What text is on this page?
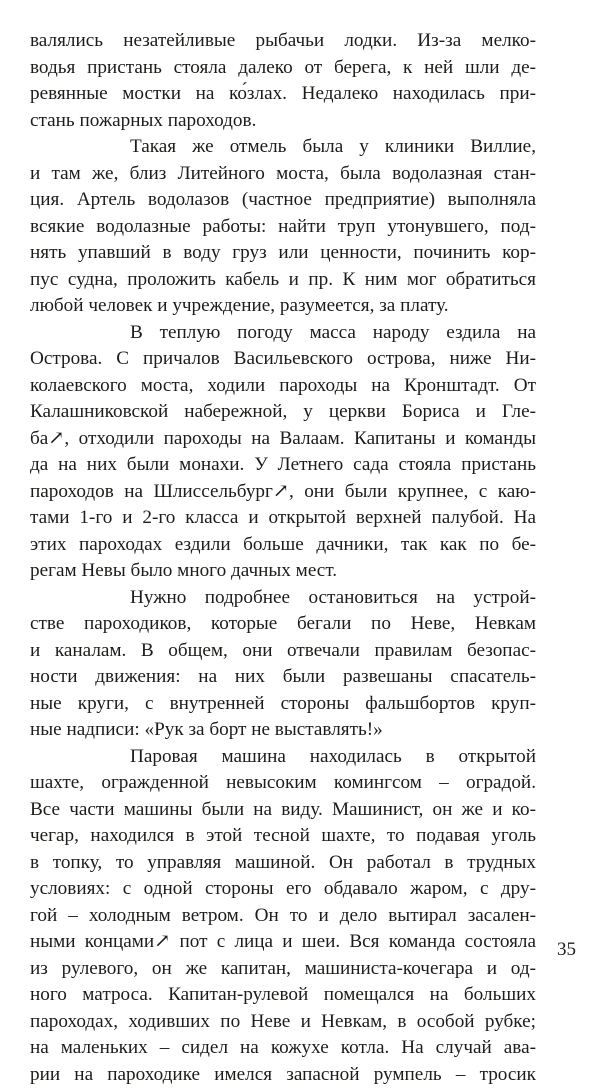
валялись незатейливые рыбачьи лодки. Из-за мелко-
водья пристань стояла далеко от берега, к ней шли де-
ревянные мостки на ко́злах. Недалеко находилась при-
стань пожарных пароходов.
Такая же отмель была у клиники Виллие,
и там же, близ Литейного моста, была водолазная стан-
ция. Артель водолазов (частное предприятие) выполняла
всякие водолазные работы: найти труп утонувшего, под-
нять упавший в воду груз или ценности, починить кор-
пус судна, проложить кабель и пр. К ним мог обратиться
любой человек и учреждение, разумеется, за плату.
В теплую погоду масса народу ездила на
Острова. С причалов Васильевского острова, ниже Ни-
колаевского моста, ходили пароходы на Кронштадт. От
Калашниковской набережной, у церкви Бориса и Гле-
ба↗, отходили пароходы на Валаам. Капитаны и команды
да на них были монахи. У Летнего сада стояла пристань
пароходов на Шлиссельбург↗, они были крупнее, с каю-
тами 1-го и 2-го класса и открытой верхней палубой. На
этих пароходах ездили больше дачники, так как по бе-
регам Невы было много дачных мест.
Нужно подробнее остановиться на устрой-
стве пароходиков, которые бегали по Неве, Невкам
и каналам. В общем, они отвечали правилам безопас-
ности движения: на них были развешаны спасатель-
ные круги, с внутренней стороны фальшбортов круп-
ные надписи: «Рук за борт не выставлять!»
Паровая машина находилась в открытой
шахте, огражденной невысоким комингсом – оградой.
Все части машины были на виду. Машинист, он же и ко-
чегар, находился в этой тесной шахте, то подавая уголь
в топку, то управляя машиной. Он работал в трудных
условиях: с одной стороны его обдавало жаром, с дру-
гой – холодным ветром. Он то и дело вытирал засален-
ными концами↗ пот с лица и шеи. Вся команда состояла
из рулевого, он же капитан, машиниста-кочегара и од-
ного матроса. Капитан-рулевой помещался на больших
пароходах, ходивших по Неве и Невкам, в особой рубке;
на маленьких – сидел на кожухе котла. На случай ава-
рии на пароходике имелся запасной румпель – тросик
35
